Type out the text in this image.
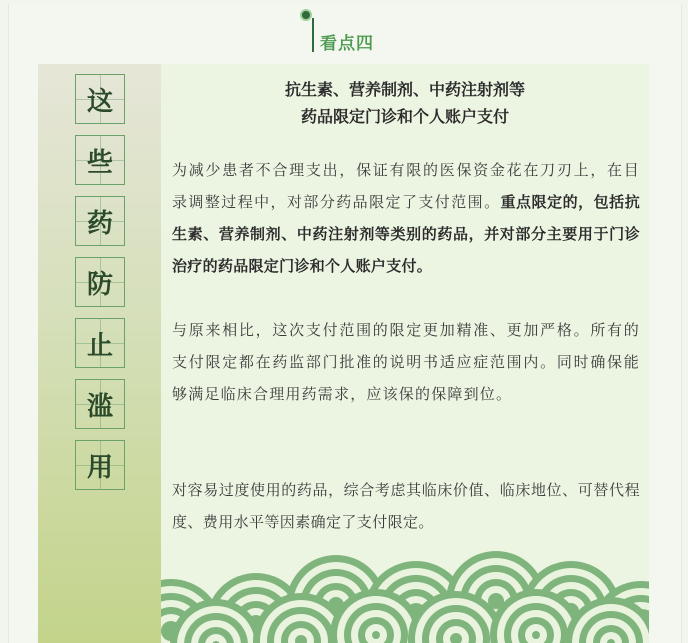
看点四
这
些
药
防
止
滥
用
抗生素、营养制剂、中药注射剂等
药品限定门诊和个人账户支付
为减少患者不合理支出，保证有限的医保资金花在刀刃上，在目录调整过程中，对部分药品限定了支付范围。重点限定的，包括抗生素、营养制剂、中药注射剂等类别的药品，并对部分主要用于门诊治疗的药品限定门诊和个人账户支付。
与原来相比，这次支付范围的限定更加精准、更加严格。所有的支付限定都在药监部门批准的说明书适应症范围内。同时确保能够满足临床合理用药需求，应该保的保障到位。
对容易过度使用的药品，综合考虑其临床价值、临床地位、可替代程度、费用水平等因素确定了支付限定。
